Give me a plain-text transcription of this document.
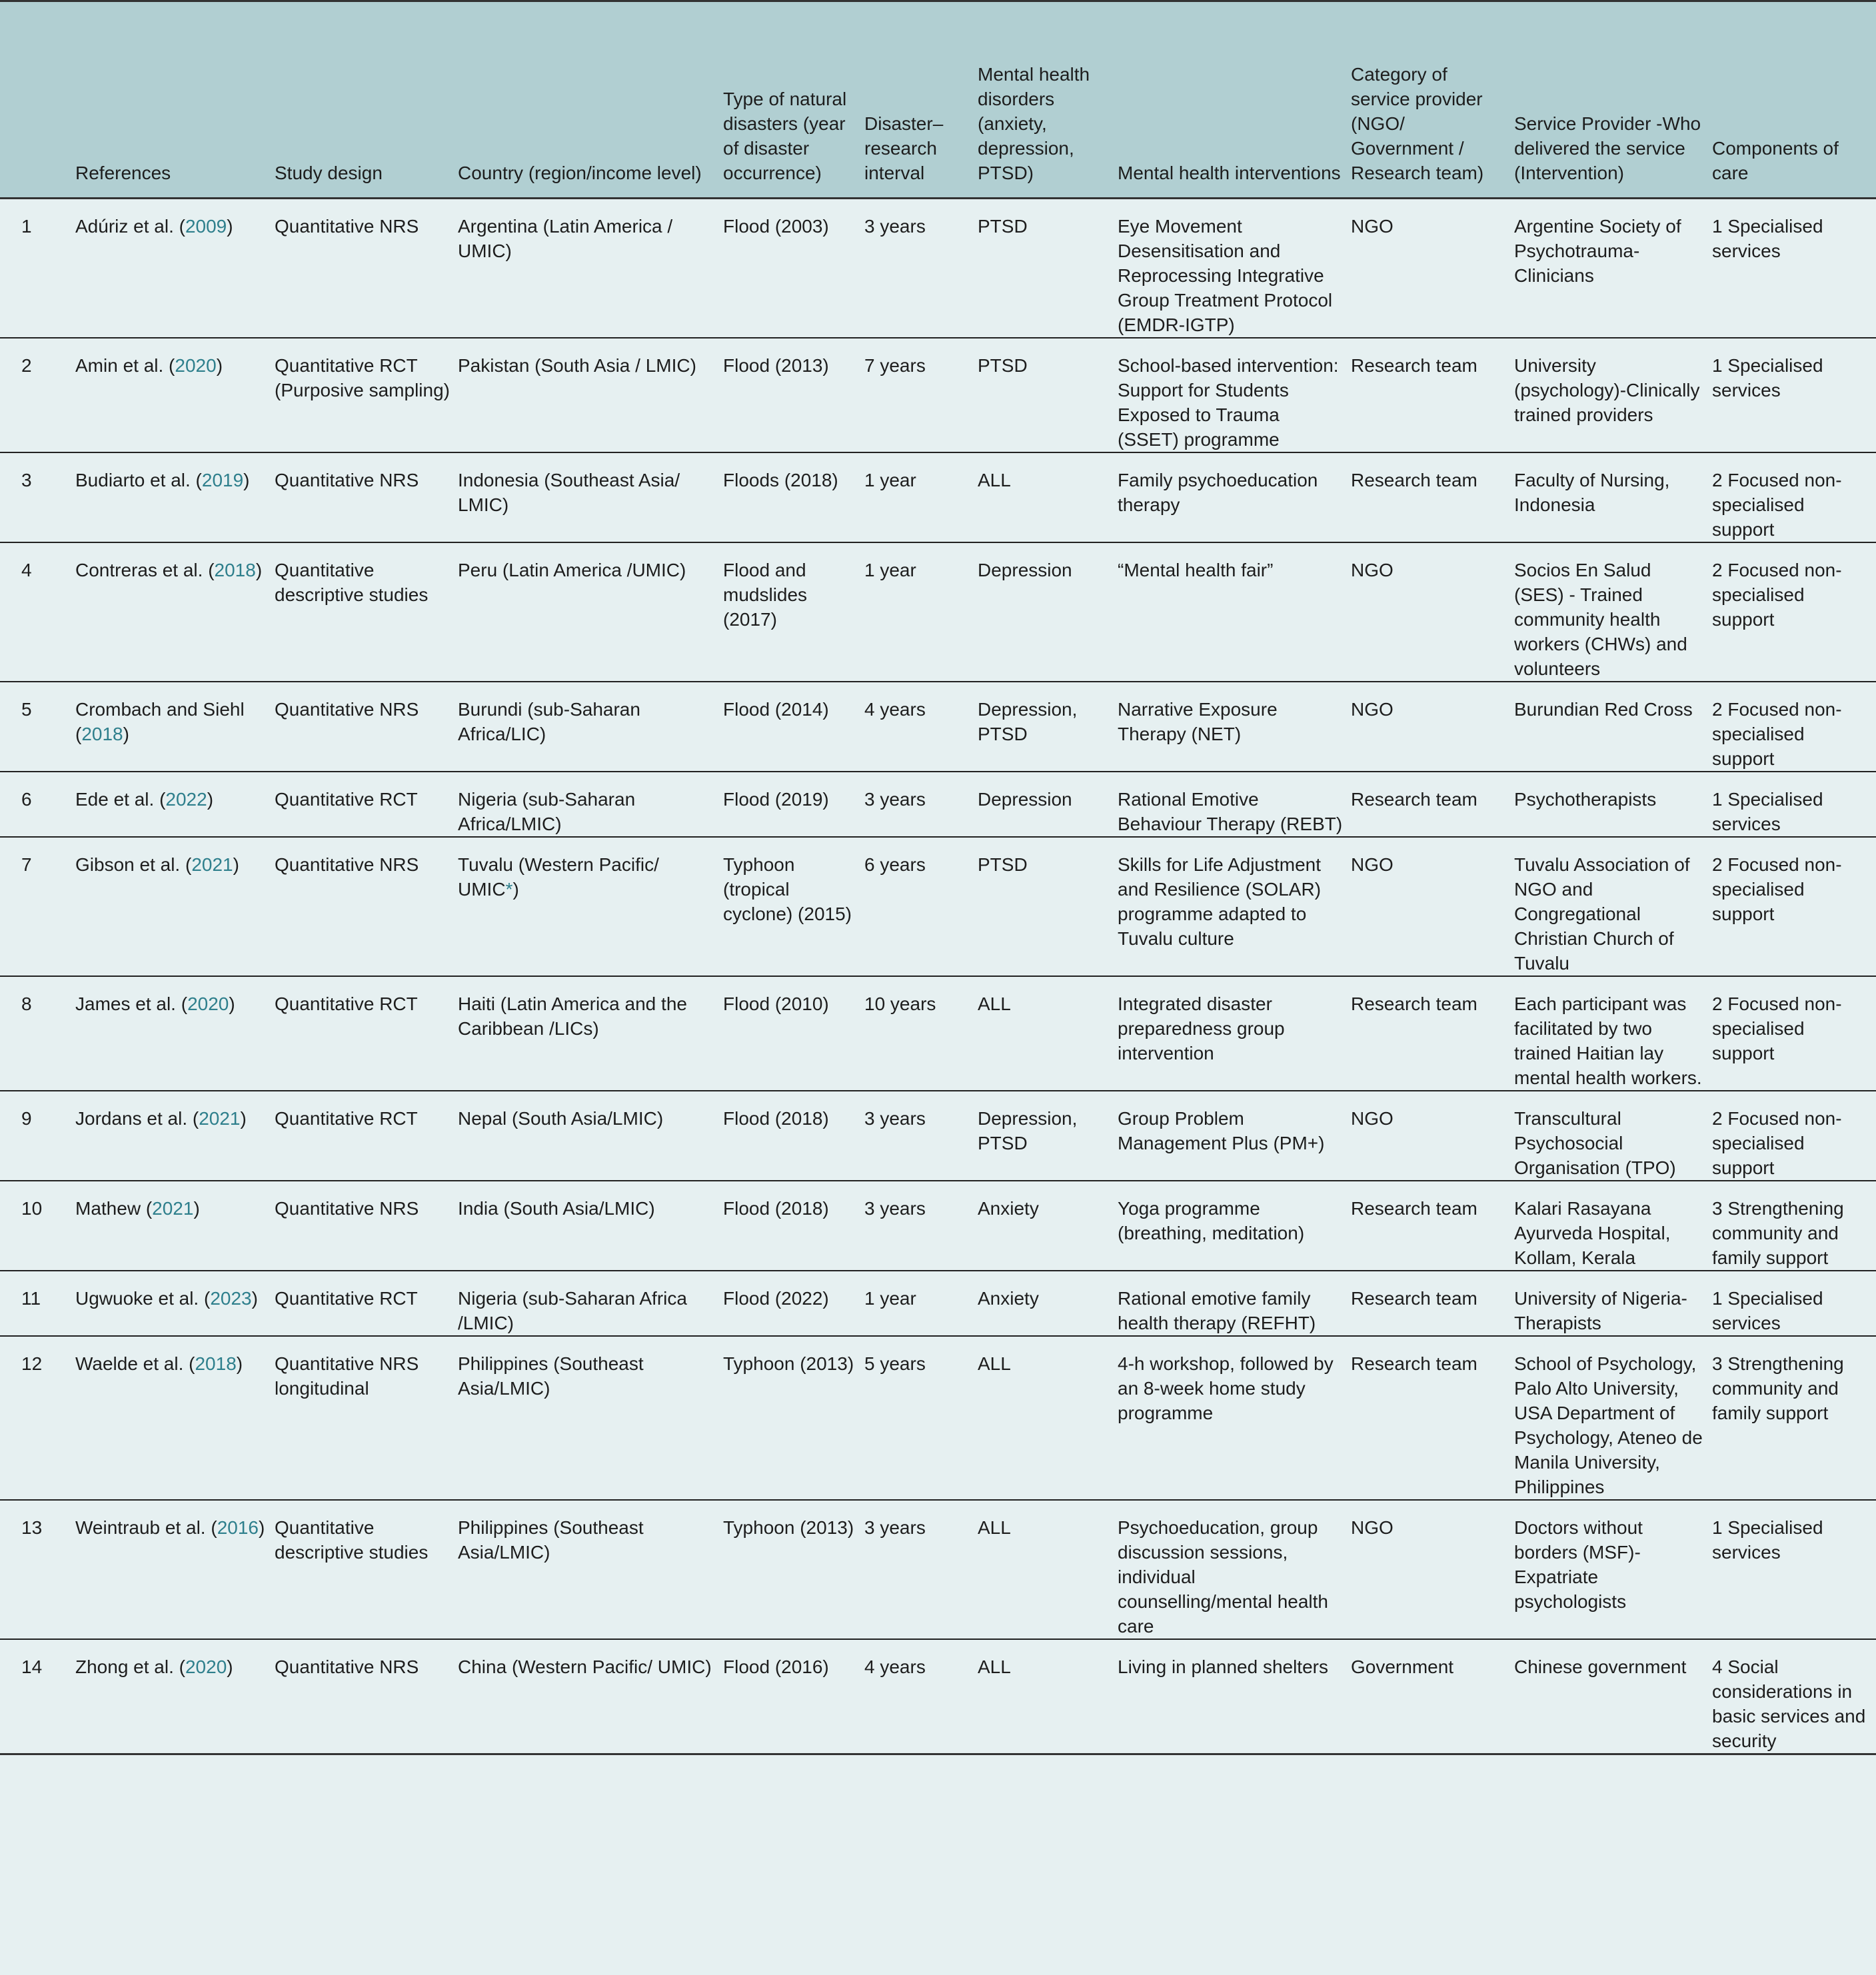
	References	Study design	Country (region/income level)	Type of natural disasters (year of disaster occurrence)	Disaster–research interval	Mental health disorders (anxiety, depression, PTSD)	Mental health interventions	Category of service provider (NGO/ Government / Research team)	Service Provider -Who delivered the service (Intervention)	Components of care
1	Adúriz et al. (2009)	Quantitative NRS	Argentina (Latin America / UMIC)	Flood (2003)	3 years	PTSD	Eye Movement Desensitisation and Reprocessing Integrative Group Treatment Protocol (EMDR-IGTP)	NGO	Argentine Society of Psychotrauma-Clinicians	1 Specialised services
2	Amin et al. (2020)	Quantitative RCT (Purposive sampling)	Pakistan (South Asia / LMIC)	Flood (2013)	7 years	PTSD	School-based intervention: Support for Students Exposed to Trauma (SSET) programme	Research team	University (psychology)-Clinically trained providers	1 Specialised services
3	Budiarto et al. (2019)	Quantitative NRS	Indonesia (Southeast Asia/ LMIC)	Floods (2018)	1 year	ALL	Family psychoeducation therapy	Research team	Faculty of Nursing, Indonesia	2 Focused non-specialised support
4	Contreras et al. (2018)	Quantitative descriptive studies	Peru (Latin America /UMIC)	Flood and mudslides (2017)	1 year	Depression	“Mental health fair”	NGO	Socios En Salud (SES) - Trained community health workers (CHWs) and volunteers	2 Focused non-specialised support
5	Crombach and Siehl (2018)	Quantitative NRS	Burundi (sub-Saharan Africa/LIC)	Flood (2014)	4 years	Depression, PTSD	Narrative Exposure Therapy (NET)	NGO	Burundian Red Cross	2 Focused non-specialised support
6	Ede et al. (2022)	Quantitative RCT	Nigeria (sub-Saharan Africa/LMIC)	Flood (2019)	3 years	Depression	Rational Emotive Behaviour Therapy (REBT)	Research team	Psychotherapists	1 Specialised services
7	Gibson et al. (2021)	Quantitative NRS	Tuvalu (Western Pacific/ UMIC*)	Typhoon (tropical cyclone) (2015)	6 years	PTSD	Skills for Life Adjustment and Resilience (SOLAR) programme adapted to Tuvalu culture	NGO	Tuvalu Association of NGO and Congregational Christian Church of Tuvalu	2 Focused non-specialised support
8	James et al. (2020)	Quantitative RCT	Haiti (Latin America and the Caribbean /LICs)	Flood (2010)	10 years	ALL	Integrated disaster preparedness group intervention	Research team	Each participant was facilitated by two trained Haitian lay mental health workers.	2 Focused non-specialised support
9	Jordans et al. (2021)	Quantitative RCT	Nepal (South Asia/LMIC)	Flood (2018)	3 years	Depression, PTSD	Group Problem Management Plus (PM+)	NGO	Transcultural Psychosocial Organisation (TPO)	2 Focused non-specialised support
10	Mathew (2021)	Quantitative NRS	India (South Asia/LMIC)	Flood (2018)	3 years	Anxiety	Yoga programme (breathing, meditation)	Research team	Kalari Rasayana Ayurveda Hospital, Kollam, Kerala	3 Strengthening community and family support
11	Ugwuoke et al. (2023)	Quantitative RCT	Nigeria (sub-Saharan Africa /LMIC)	Flood (2022)	1 year	Anxiety	Rational emotive family health therapy (REFHT)	Research team	University of Nigeria- Therapists	1 Specialised services
12	Waelde et al. (2018)	Quantitative NRS longitudinal	Philippines (Southeast Asia/LMIC)	Typhoon (2013)	5 years	ALL	4-h workshop, followed by an 8-week home study programme	Research team	School of Psychology, Palo Alto University, USA Department of Psychology, Ateneo de Manila University, Philippines	3 Strengthening community and family support
13	Weintraub et al. (2016)	Quantitative descriptive studies	Philippines (Southeast Asia/LMIC)	Typhoon (2013)	3 years	ALL	Psychoeducation, group discussion sessions, individual counselling/mental health care	NGO	Doctors without borders (MSF)-Expatriate psychologists	1 Specialised services
14	Zhong et al. (2020)	Quantitative NRS	China (Western Pacific/ UMIC)	Flood (2016)	4 years	ALL	Living in planned shelters	Government	Chinese government	4 Social considerations in basic services and security
